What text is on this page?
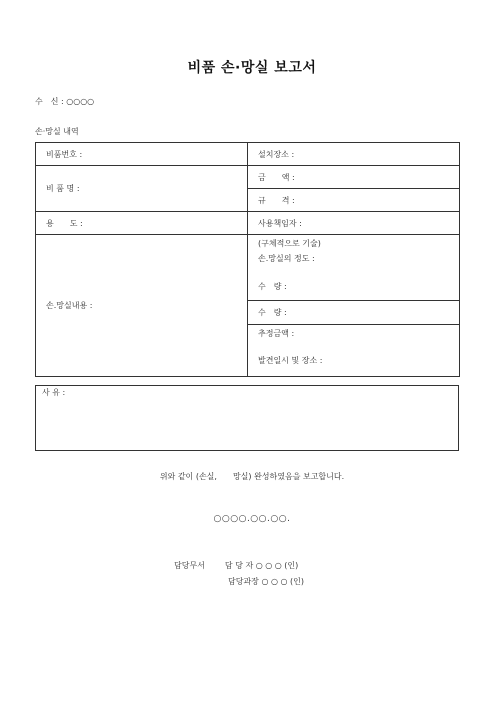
비품 손·망실 보고서
수　신 : ○○○○
손·망실 내역
비품번호 :	설치장소 :
비 품 명 :	금　　액 :
	규　　격 :
용　　도 :	사용책임자 :
손.망실내용 :	(구체적으로 기술)
손.망실의 정도 :
수　량 :

	수　량 :

	추정금액 :
발견일시 및 장소 :
사 유 :
위와 같이 (손실,　　망실) 완성하였음을 보고합니다.
○○○○.○○.○○.
담당무서	담 당 자 ○ ○ ○ (인)
담당과장 ○ ○ ○ (인)
